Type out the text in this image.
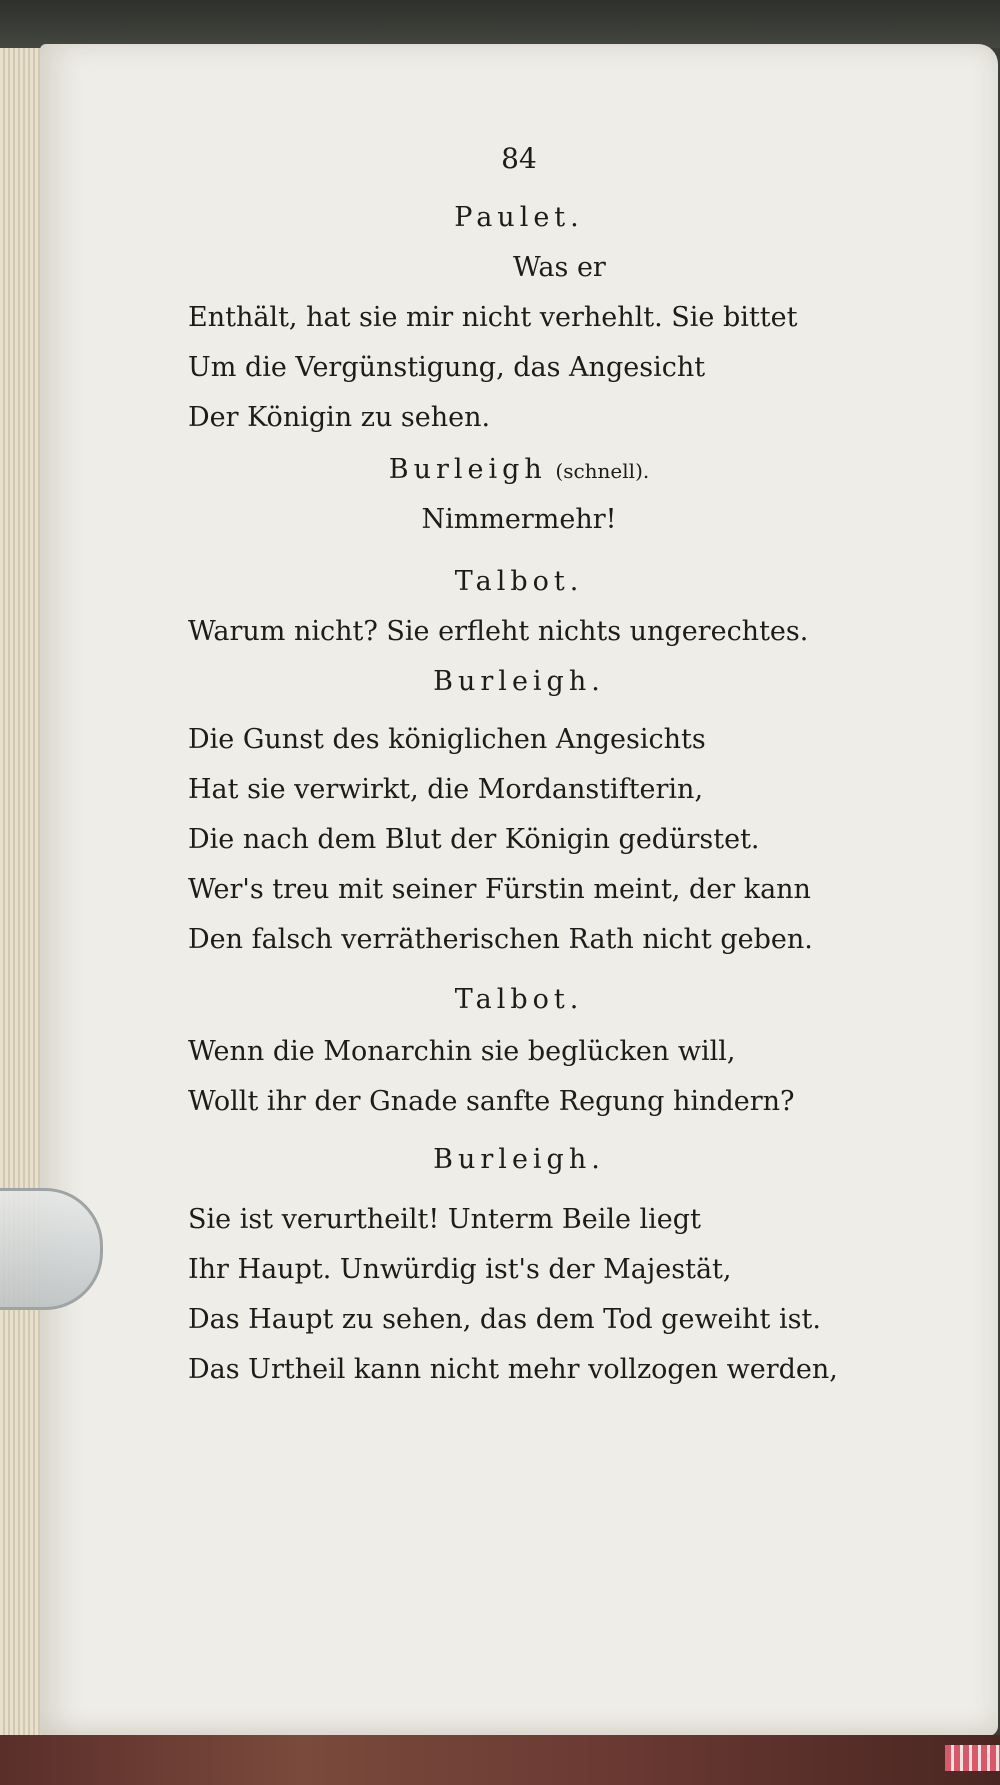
84
Paulet.
Was er
Enthält, hat sie mir nicht verhehlt. Sie bittet
Um die Vergünstigung, das Angesicht
Der Königin zu sehen.
Burleigh (schnell).
Nimmermehr!
Talbot.
Warum nicht? Sie erfleht nichts ungerechtes.
Burleigh.
Die Gunst des königlichen Angesichts
Hat sie verwirkt, die Mordanstifterin,
Die nach dem Blut der Königin gedürstet.
Wer's treu mit seiner Fürstin meint, der kann
Den falsch verrätherischen Rath nicht geben.
Talbot.
Wenn die Monarchin sie beglücken will,
Wollt ihr der Gnade sanfte Regung hindern?
Burleigh.
Sie ist verurtheilt! Unterm Beile liegt
Ihr Haupt. Unwürdig ist's der Majestät,
Das Haupt zu sehen, das dem Tod geweiht ist.
Das Urtheil kann nicht mehr vollzogen werden,
